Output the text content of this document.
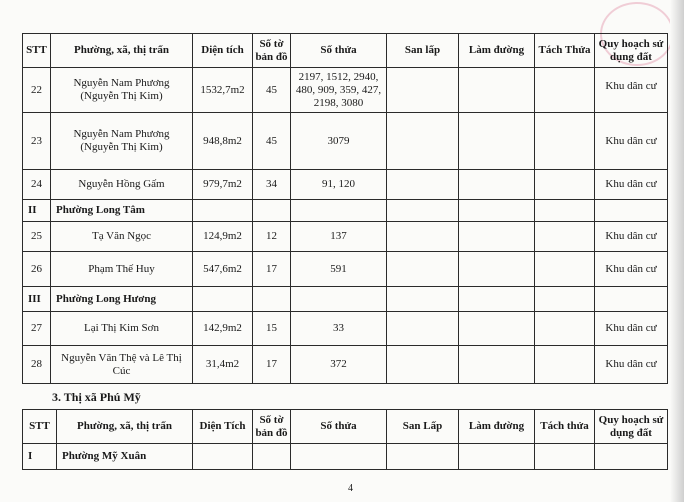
STT	Phường, xã, thị trấn	Diện tích	Số tờ bản đồ	Số thửa	San lấp	Làm đường	Tách Thửa	Quy hoạch sử dụng đất
22	Nguyễn Nam Phương (Nguyễn Thị Kim)	1532,7m2	45	2197, 1512, 2940, 480, 909, 359, 427, 2198, 3080				Khu dân cư
23	Nguyễn Nam Phương (Nguyễn Thị Kim)	948,8m2	45	3079				Khu dân cư
24	Nguyễn Hồng Gấm	979,7m2	34	91, 120				Khu dân cư
II	Phường Long Tâm							
25	Tạ Văn Ngọc	124,9m2	12	137				Khu dân cư
26	Phạm Thế Huy	547,6m2	17	591				Khu dân cư
III	Phường Long Hương							
27	Lại Thị Kim Sơn	142,9m2	15	33				Khu dân cư
28	Nguyễn Văn Thệ và Lê Thị Cúc	31,4m2	17	372				Khu dân cư
3. Thị xã Phú Mỹ
STT	Phường, xã, thị trấn	Diện Tích	Số tờ bản đồ	Số thửa	San Lấp	Làm đường	Tách thửa	Quy hoạch sử dụng đất
I	Phường Mỹ Xuân							
4
